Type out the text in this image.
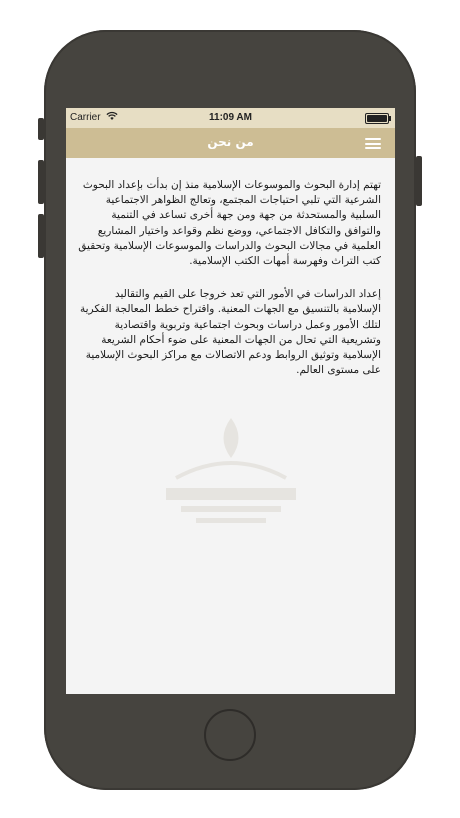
Carrier	11:09 AM
من نحن

تهتم إدارة البحوث والموسوعات الإسلامية منذ إن بدأت بإعداد البحوث الشرعية التي تلبي احتياجات المجتمع، وتعالج الظواهر الاجتماعية السلبية والمستحدثة من جهة ومن جهة أخرى تساعد في التنمية والتوافق والتكافل الاجتماعي، ووضع نظم وقواعد واختيار المشاريع العلمية في مجالات البحوث والدراسات والموسوعات الإسلامية وتحقيق كتب التراث وفهرسة أمهات الكتب الإسلامية.

إعداد الدراسات في الأمور التي تعد خروجا على القيم والتقاليد الإسلامية بالتنسيق مع الجهات المعنية. واقتراح خطط المعالجة الفكرية لتلك الأمور وعمل دراسات وبحوث اجتماعية وتربوية واقتصادية وتشريعية التي تحال من الجهات المعنية على ضوء أحكام الشريعة الإسلامية وتوثيق الروابط ودعم الاتصالات مع مراكز البحوث الإسلامية على مستوى العالم.
